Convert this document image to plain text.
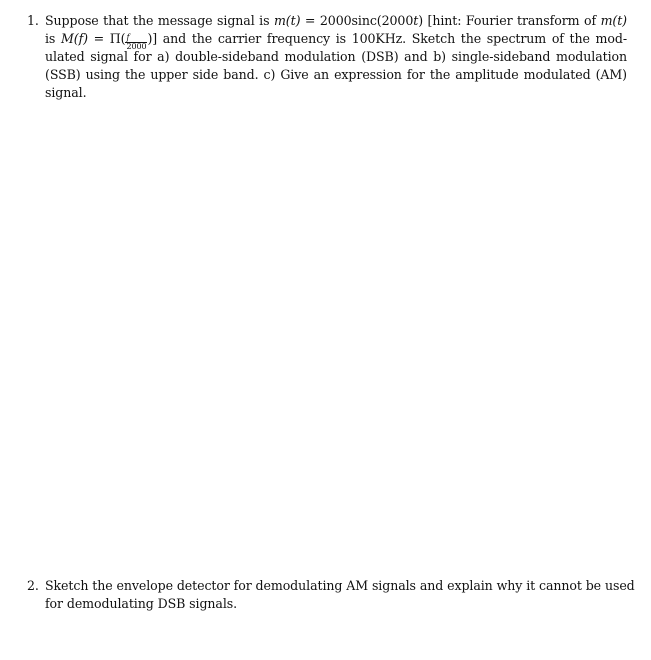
1. Suppose that the message signal is m(t) = 2000sinc(2000t) [hint: Fourier transform of m(t)
is $M(f) = \Pi( \frac{f}{2000}$ )] and the carrier frequency is 100KHz. Sketch the spectrum of the mod-
ulated signal for a) double-sideband modulation (DSB) and b) single-sideband modulation
(SSB) using the upper side band. c) Give an expression for the amplitude modulated (AM)
signal.
2. Sketch the envelope detector for demodulating AM signals and explain why it cannot be used
for demodulating DSB signals.
